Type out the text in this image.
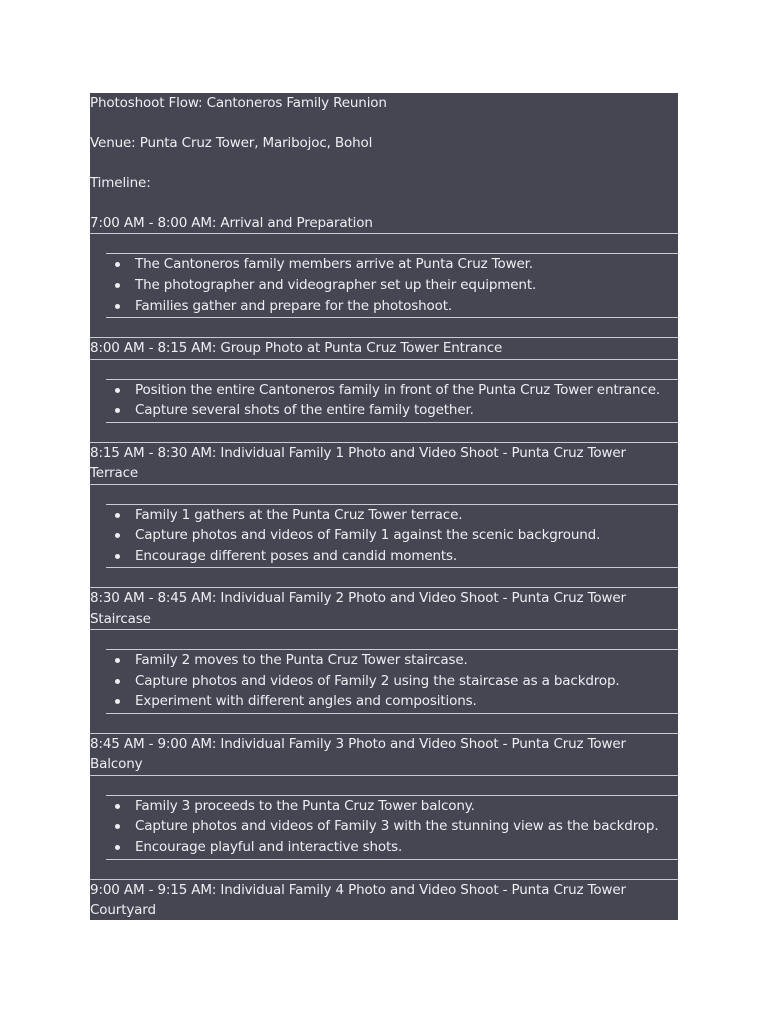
Photoshoot Flow: Cantoneros Family Reunion

Venue: Punta Cruz Tower, Maribojoc, Bohol

Timeline:

7:00 AM - 8:00 AM: Arrival and Preparation

The Cantoneros family members arrive at Punta Cruz Tower.
The photographer and videographer set up their equipment.
Families gather and prepare for the photoshoot.

8:00 AM - 8:15 AM: Group Photo at Punta Cruz Tower Entrance

Position the entire Cantoneros family in front of the Punta Cruz Tower entrance.
Capture several shots of the entire family together.
8:15 AM - 8:30 AM: Individual Family 1 Photo and Video Shoot - Punta Cruz Tower
Terrace
Family 1 gathers at the Punta Cruz Tower terrace.
Capture photos and videos of Family 1 against the scenic background.
Encourage different poses and candid moments.
8:30 AM - 8:45 AM: Individual Family 2 Photo and Video Shoot - Punta Cruz Tower
Staircase
Family 2 moves to the Punta Cruz Tower staircase.
Capture photos and videos of Family 2 using the staircase as a backdrop.
Experiment with different angles and compositions.
8:45 AM - 9:00 AM: Individual Family 3 Photo and Video Shoot - Punta Cruz Tower
Balcony
Family 3 proceeds to the Punta Cruz Tower balcony.
Capture photos and videos of Family 3 with the stunning view as the backdrop.
Encourage playful and interactive shots.
9:00 AM - 9:15 AM: Individual Family 4 Photo and Video Shoot - Punta Cruz Tower
Courtyard
